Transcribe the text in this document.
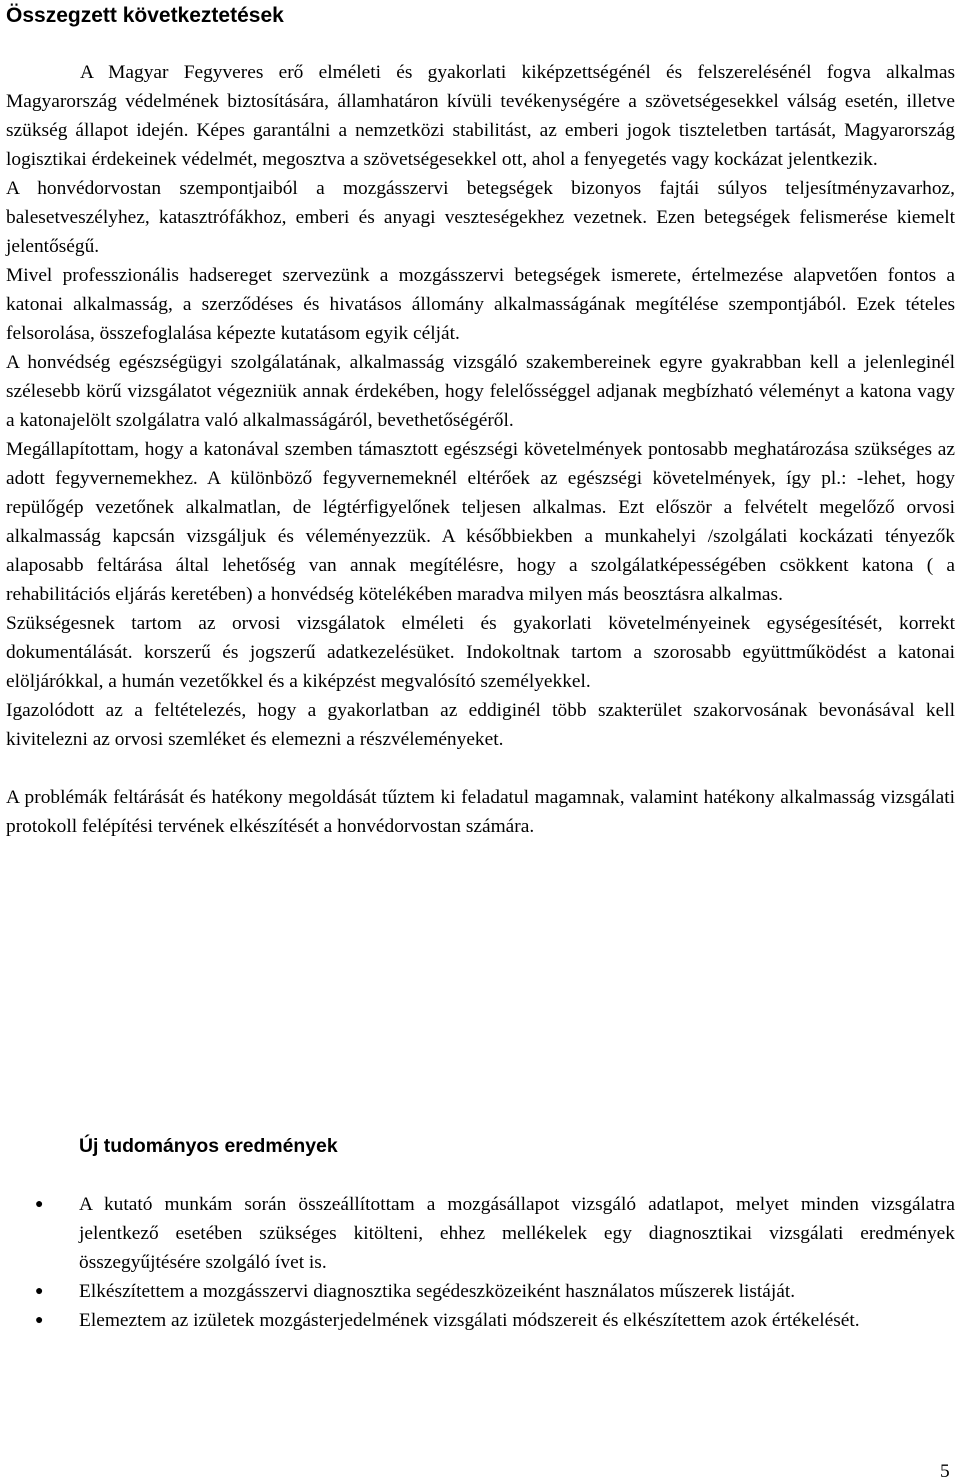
Összegzett következtetések

A Magyar Fegyveres erő elméleti és gyakorlati kiképzettségénél és felszerelésénél fogva alkalmas Magyarország védelmének biztosítására, államhatáron kívüli tevékenységére a szövetségesekkel válság esetén, illetve szükség állapot idején. Képes garantálni a nemzetközi stabilitást, az emberi jogok tiszteletben tartását, Magyarország logisztikai érdekeinek védelmét, megosztva a szövetségesekkel ott, ahol a fenyegetés vagy kockázat jelentkezik.

A honvédorvostan szempontjaiból a mozgásszervi betegségek bizonyos fajtái súlyos teljesítményzavarhoz, balesetveszélyhez, katasztrófákhoz, emberi és anyagi veszteségekhez vezetnek. Ezen betegségek felismerése kiemelt jelentőségű.

Mivel professzionális hadsereget szervezünk a mozgásszervi betegségek ismerete, értelmezése alapvetően fontos a katonai alkalmasság, a szerződéses és hivatásos állomány alkalmasságának megítélése szempontjából. Ezek tételes felsorolása, összefoglalása képezte kutatásom egyik célját.

A honvédség egészségügyi szolgálatának, alkalmasság vizsgáló szakembereinek egyre gyakrabban kell a jelenleginél szélesebb körű vizsgálatot végezniük annak érdekében, hogy felelősséggel adjanak megbízható véleményt a katona vagy a katonajelölt szolgálatra való alkalmasságáról, bevethetőségéről.

Megállapítottam, hogy a katonával szemben támasztott egészségi követelmények pontosabb meghatározása szükséges az adott fegyvernemekhez. A különböző fegyvernemeknél eltérőek az egészségi követelmények, így pl.: -lehet, hogy repülőgép vezetőnek alkalmatlan, de légtérfigyelőnek teljesen alkalmas. Ezt először a felvételt megelőző orvosi alkalmasság kapcsán vizsgáljuk és véleményezzük. A későbbiekben a munkahelyi /szolgálati kockázati tényezők alaposabb feltárása által lehetőség van annak megítélésre, hogy a szolgálatképességében csökkent katona ( a rehabilitációs eljárás keretében) a honvédség kötelékében maradva milyen más beosztásra alkalmas.

Szükségesnek tartom az orvosi vizsgálatok elméleti és gyakorlati követelményeinek egységesítését, korrekt dokumentálását. korszerű és jogszerű adatkezelésüket. Indokoltnak tartom a szorosabb együttműködést a katonai elöljárókkal, a humán vezetőkkel és a kiképzést megvalósító személyekkel.

Igazolódott az a feltételezés, hogy a gyakorlatban az eddiginél több szakterület szakorvosának bevonásával kell kivitelezni az orvosi szemléket és elemezni a részvéleményeket.

A problémák feltárását és hatékony megoldását tűztem ki feladatul magamnak, valamint hatékony alkalmasság vizsgálati protokoll felépítési tervének elkészítését a honvédorvostan számára.

Új tudományos eredmények
● A kutató munkám során összeállítottam a mozgásállapot vizsgáló adatlapot, melyet minden vizsgálatra jelentkező esetében szükséges kitölteni, ehhez mellékelek egy diagnosztikai vizsgálati eredmények összegyűjtésére szolgáló ívet is.
● Elkészítettem a mozgásszervi diagnosztika segédeszközeiként használatos műszerek listáját.
● Elemeztem az izületek mozgásterjedelmének vizsgálati módszereit és elkészítettem azok értékelését.
5
